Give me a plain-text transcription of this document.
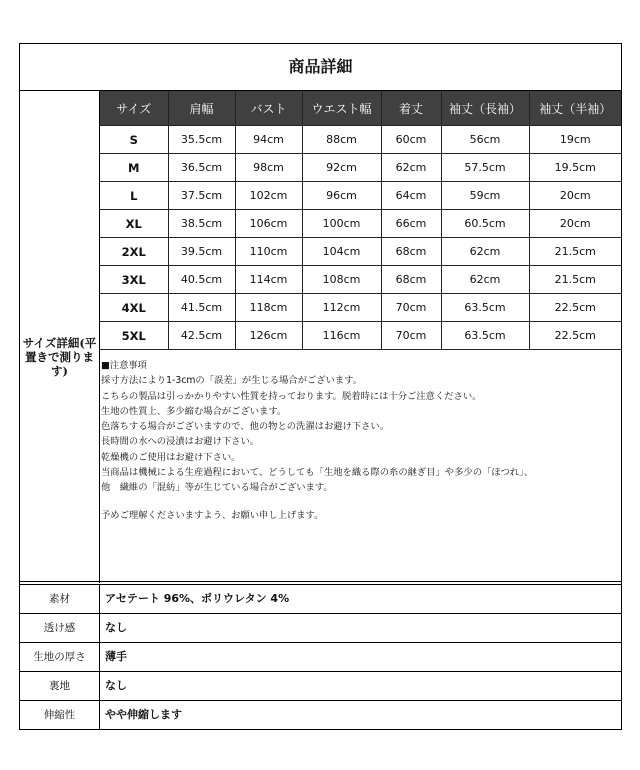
商品詳細
サイズ詳細(平置きで測ります)
サイズ	肩幅	バスト	ウエスト幅	着丈	袖丈（長袖）	袖丈（半袖）
S	35.5cm	94cm	88cm	60cm	56cm	19cm
M	36.5cm	98cm	92cm	62cm	57.5cm	19.5cm
L	37.5cm	102cm	96cm	64cm	59cm	20cm
XL	38.5cm	106cm	100cm	66cm	60.5cm	20cm
2XL	39.5cm	110cm	104cm	68cm	62cm	21.5cm
3XL	40.5cm	114cm	108cm	68cm	62cm	21.5cm
4XL	41.5cm	118cm	112cm	70cm	63.5cm	22.5cm
5XL	42.5cm	126cm	116cm	70cm	63.5cm	22.5cm
■注意事項
採寸方法により1-3cmの「誤差」が生じる場合がございます。
こちらの製品は引っかかりやすい性質を持っております。脱着時には十分ご注意ください。
生地の性質上、多少縮む場合がございます。
色落ちする場合がございますので、他の物との洗濯はお避け下さい。
長時間の水への浸漬はお避け下さい。
乾燥機のご使用はお避け下さい。
当商品は機械による生産過程において、どうしても「生地を織る際の糸の継ぎ目」や多少の「ほつれ」、
他　繊維の「混紡」等が生じている場合がございます。
予めご理解くださいますよう、お願い申し上げます。
素材	アセテート 96%、ポリウレタン 4%
透け感	なし
生地の厚さ	薄手
裏地	なし
伸縮性	やや伸縮します
